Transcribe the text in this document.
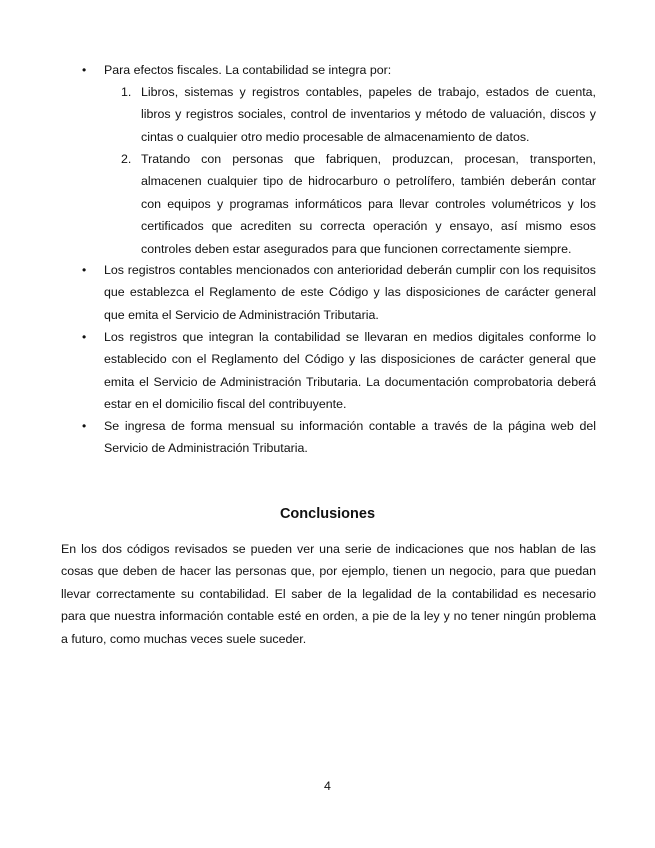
• Para efectos fiscales. La contabilidad se integra por:
1. Libros, sistemas y registros contables, papeles de trabajo, estados de cuenta, libros y registros sociales, control de inventarios y método de valuación, discos y cintas o cualquier otro medio procesable de almacenamiento de datos.
2. Tratando con personas que fabriquen, produzcan, procesan, transporten, almacenen cualquier tipo de hidrocarburo o petrolífero, también deberán contar con equipos y programas informáticos para llevar controles volumétricos y los certificados que acrediten su correcta operación y ensayo, así mismo esos controles deben estar asegurados para que funcionen correctamente siempre.
• Los registros contables mencionados con anterioridad deberán cumplir con los requisitos que establezca el Reglamento de este Código y las disposiciones de carácter general que emita el Servicio de Administración Tributaria.
• Los registros que integran la contabilidad se llevaran en medios digitales conforme lo establecido con el Reglamento del Código y las disposiciones de carácter general que emita el Servicio de Administración Tributaria. La documentación comprobatoria deberá estar en el domicilio fiscal del contribuyente.
• Se ingresa de forma mensual su información contable a través de la página web del Servicio de Administración Tributaria.
Conclusiones

En los dos códigos revisados se pueden ver una serie de indicaciones que nos hablan de las cosas que deben de hacer las personas que, por ejemplo, tienen un negocio, para que puedan llevar correctamente su contabilidad. El saber de la legalidad de la contabilidad es necesario para que nuestra información contable esté en orden, a pie de la ley y no tener ningún problema a futuro, como muchas veces suele suceder.

4
